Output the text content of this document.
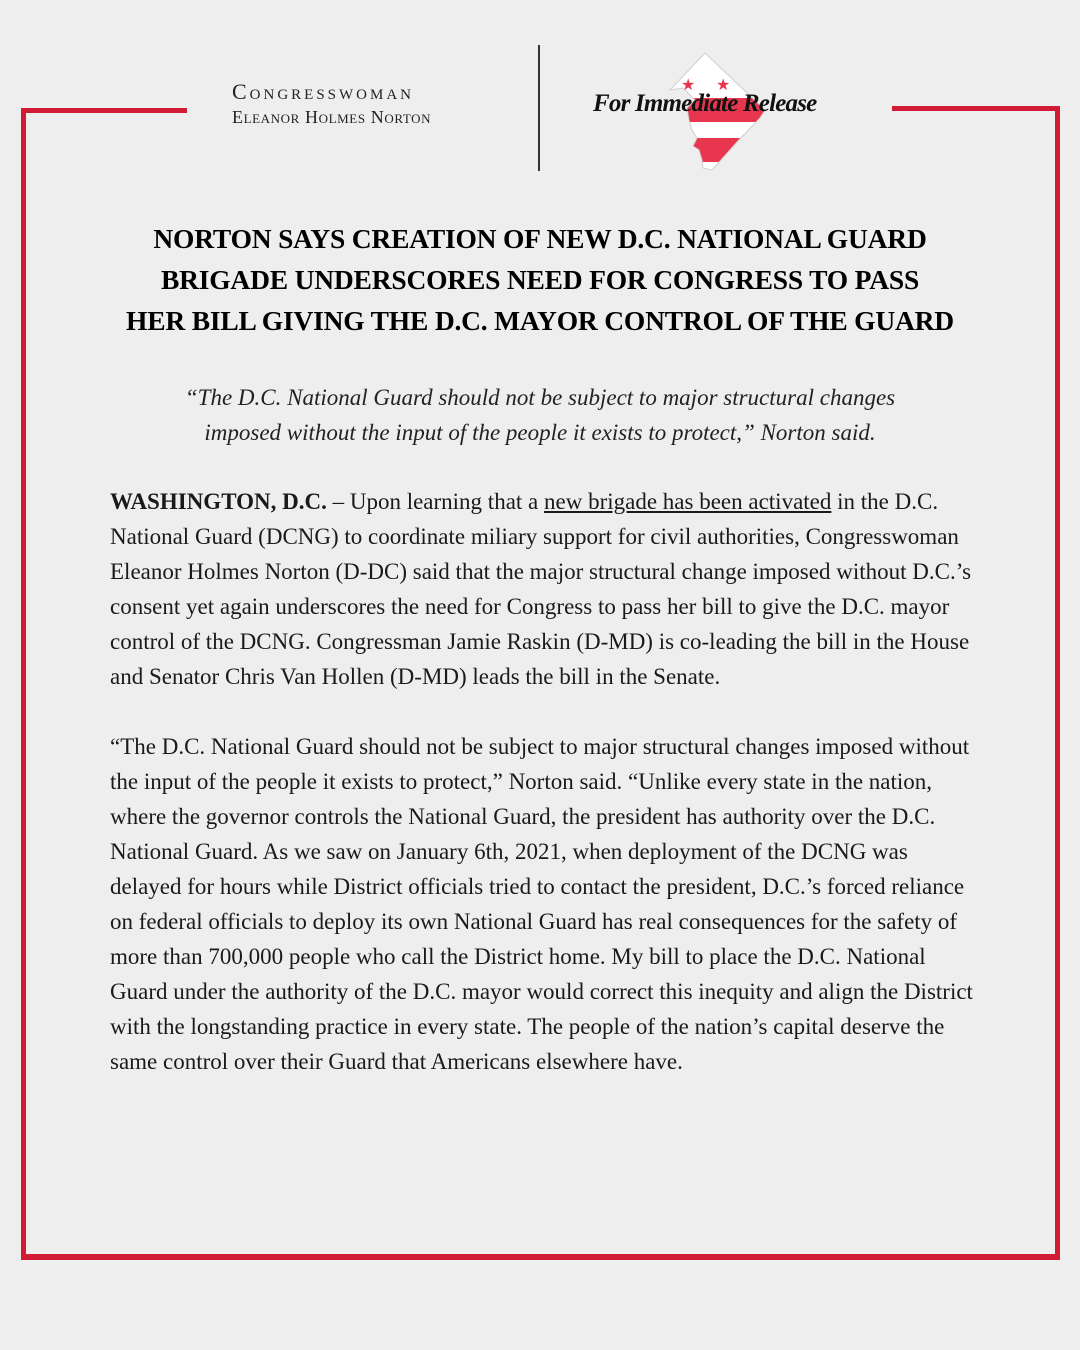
Congresswoman
Eleanor Holmes Norton
★ ★
For Immediate Release
NORTON SAYS CREATION OF NEW D.C. NATIONAL GUARD
BRIGADE UNDERSCORES NEED FOR CONGRESS TO PASS
HER BILL GIVING THE D.C. MAYOR CONTROL OF THE GUARD
“The D.C. National Guard should not be subject to major structural changes
imposed without the input of the people it exists to protect,” Norton said.

WASHINGTON, D.C. – Upon learning that a new brigade has been activated in the D.C. National Guard (DCNG) to coordinate miliary support for civil authorities, Congresswoman Eleanor Holmes Norton (D-DC) said that the major structural change imposed without D.C.’s consent yet again underscores the need for Congress to pass her bill to give the D.C. mayor control of the DCNG. Congressman Jamie Raskin (D-MD) is co-leading the bill in the House and Senator Chris Van Hollen (D-MD) leads the bill in the Senate.

“The D.C. National Guard should not be subject to major structural changes imposed without the input of the people it exists to protect,” Norton said. “Unlike every state in the nation, where the governor controls the National Guard, the president has authority over the D.C. National Guard. As we saw on January 6th, 2021, when deployment of the DCNG was delayed for hours while District officials tried to contact the president, D.C.’s forced reliance on federal officials to deploy its own National Guard has real consequences for the safety of more than 700,000 people who call the District home. My bill to place the D.C. National Guard under the authority of the D.C. mayor would correct this inequity and align the District with the longstanding practice in every state. The people of the nation’s capital deserve the same control over their Guard that Americans elsewhere have.
